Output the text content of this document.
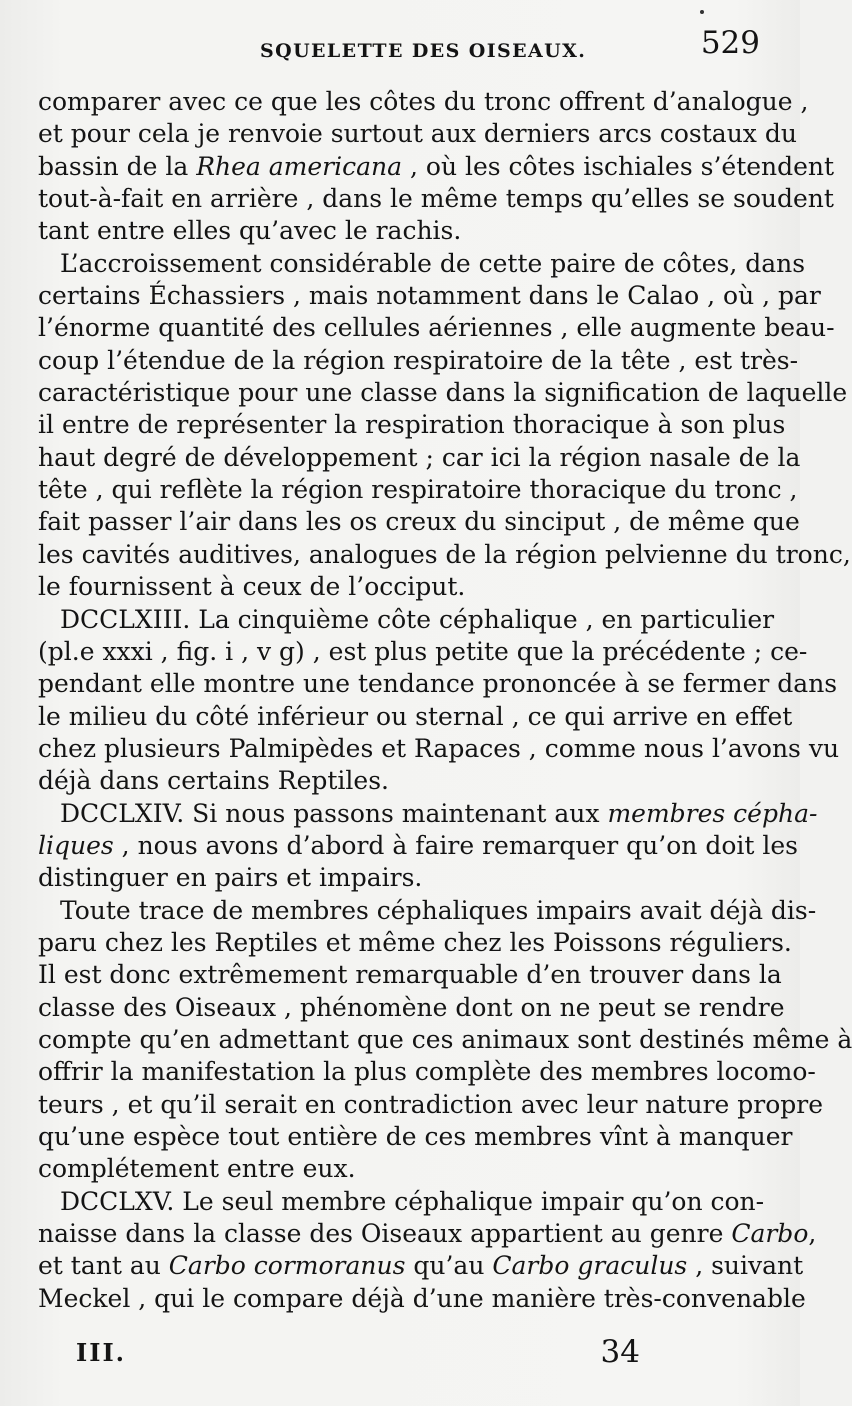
SQUELETTE DES OISEAUX.	529
comparer avec ce que les côtes du tronc offrent d’analogue ,
et pour cela je renvoie surtout aux derniers arcs costaux du
bassin de la Rhea americana , où les côtes ischiales s’étendent
tout-à-fait en arrière , dans le même temps qu’elles se soudent
tant entre elles qu’avec le rachis.
L’accroissement considérable de cette paire de côtes, dans
certains Échassiers , mais notamment dans le Calao , où , par
l’énorme quantité des cellules aériennes , elle augmente beau-
coup l’étendue de la région respiratoire de la tête , est très-
caractéristique pour une classe dans la signification de laquelle
il entre de représenter la respiration thoracique à son plus
haut degré de développement ; car ici la région nasale de la
tête , qui reflète la région respiratoire thoracique du tronc ,
fait passer l’air dans les os creux du sinciput , de même que
les cavités auditives, analogues de la région pelvienne du tronc,
le fournissent à ceux de l’occiput.
DCCLXIII. La cinquième côte céphalique , en particulier
(pl.e xxxi , fig. i , v g) , est plus petite que la précédente ; ce-
pendant elle montre une tendance prononcée à se fermer dans
le milieu du côté inférieur ou sternal , ce qui arrive en effet
chez plusieurs Palmipèdes et Rapaces , comme nous l’avons vu
déjà dans certains Reptiles.
DCCLXIV. Si nous passons maintenant aux membres cépha-
liques , nous avons d’abord à faire remarquer qu’on doit les
distinguer en pairs et impairs.
Toute trace de membres céphaliques impairs avait déjà dis-
paru chez les Reptiles et même chez les Poissons réguliers.
Il est donc extrêmement remarquable d’en trouver dans la
classe des Oiseaux , phénomène dont on ne peut se rendre
compte qu’en admettant que ces animaux sont destinés même à
offrir la manifestation la plus complète des membres locomo-
teurs , et qu’il serait en contradiction avec leur nature propre
qu’une espèce tout entière de ces membres vînt à manquer
complétement entre eux.
DCCLXV. Le seul membre céphalique impair qu’on con-
naisse dans la classe des Oiseaux appartient au genre Carbo,
et tant au Carbo cormoranus qu’au Carbo graculus , suivant
Meckel , qui le compare déjà d’une manière très-convenable
III.	34
